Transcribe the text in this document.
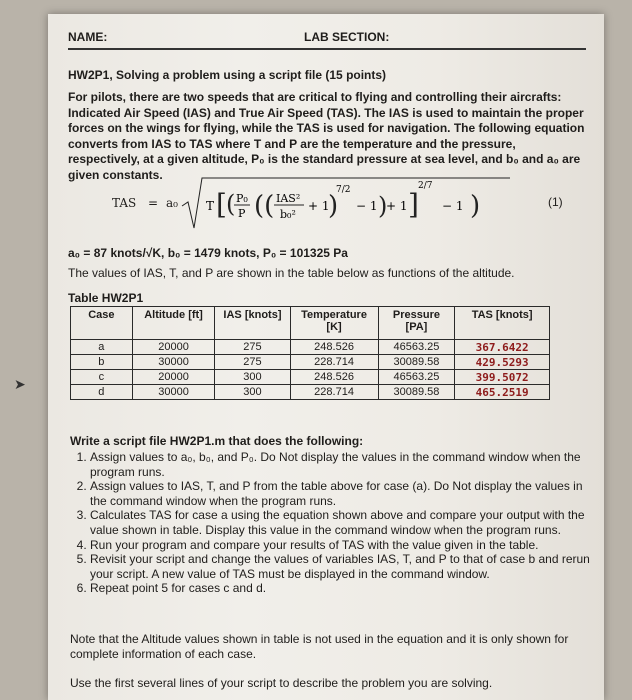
NAME:	LAB SECTION:
HW2P1, Solving a problem using a script file (15 points)
For pilots, there are two speeds that are critical to flying and controlling their aircrafts: Indicated Air Speed (IAS) and True Air Speed (TAS). The IAS is used to maintain the proper forces on the wings for flying, while the TAS is used for navigation. The following equation converts from IAS to TAS where T and P are the temperature and the pressure, respectively, at a given altitude, P₀ is the standard pressure at sea level, and b₀ and a₀ are given constants.
TAS = a₀ T [ ( P₀
P (( IAS²
b₀²
+ 1
)
7/2
− 1 )
+ 1 ]
2/7
− 1 )	(1)
a₀ = 87 knots/√K, b₀ = 1479 knots, P₀ = 101325 Pa
The values of IAS, T, and P are shown in the table below as functions of the altitude.
Table HW2P1
Case	Altitude [ft]	IAS [knots]	Temperature [K]	Pressure [PA]	TAS [knots]
a	20000	275	248.526	46563.25	367.6422
b	30000	275	228.714	30089.58	429.5293
c	20000	300	248.526	46563.25	399.5072
d	30000	300	228.714	30089.58	465.2519
Write a script file HW2P1.m that does the following:
1. Assign values to a₀, b₀, and P₀. Do Not display the values in the command window when the program runs.
2. Assign values to IAS, T, and P from the table above for case (a). Do Not display the values in the command window when the program runs.
3. Calculates TAS for case a using the equation shown above and compare your output with the value shown in table. Display this value in the command window when the program runs.
4. Run your program and compare your results of TAS with the value given in the table.
5. Revisit your script and change the values of variables IAS, T, and P to that of case b and rerun your script. A new value of TAS must be displayed in the command window.
6. Repeat point 5 for cases c and d.
Note that the Altitude values shown in table is not used in the equation and it is only shown for complete information of each case.
Use the first several lines of your script to describe the problem you are solving.
➤
